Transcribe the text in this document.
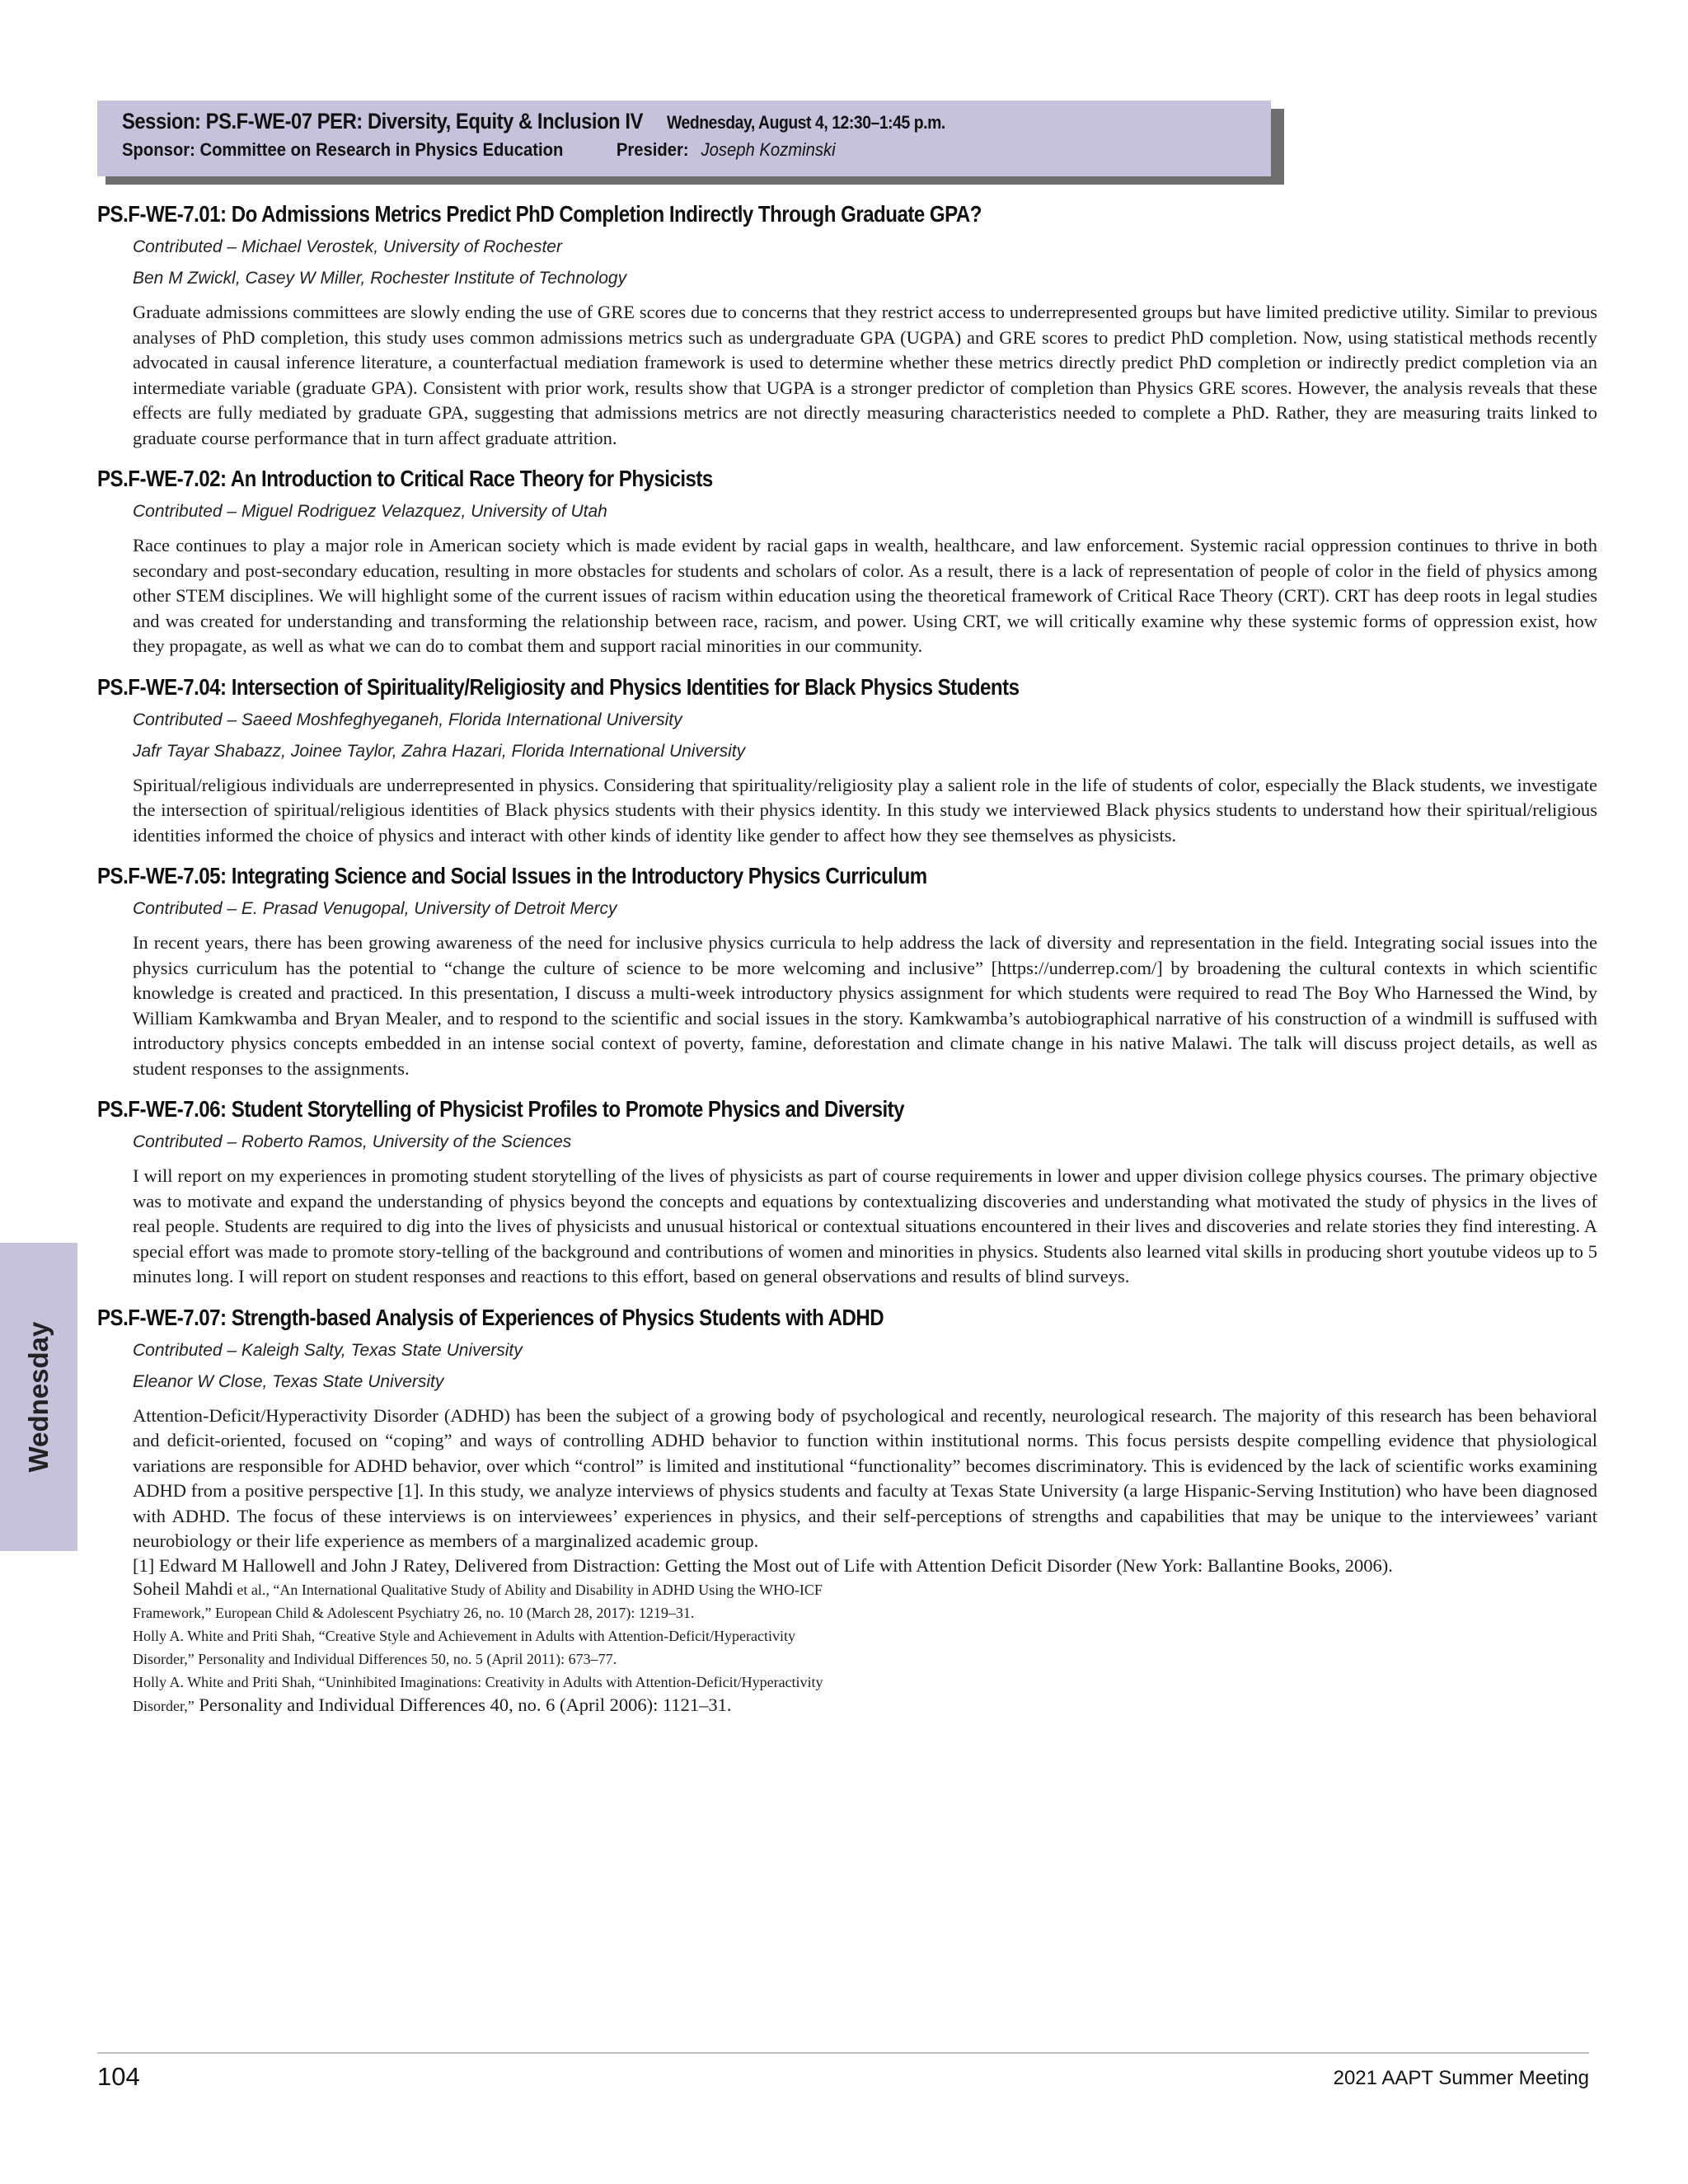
Session: PS.F-WE-07 PER: Diversity, Equity & Inclusion IV Wednesday, August 4, 12:30–1:45 p.m.
Sponsor: Committee on Research in Physics Education	Presider: Joseph Kozminski
PS.F-WE-7.01: Do Admissions Metrics Predict PhD Completion Indirectly Through Graduate GPA?
Contributed – Michael Verostek, University of Rochester
Ben M Zwickl, Casey W Miller, Rochester Institute of Technology
Graduate admissions committees are slowly ending the use of GRE scores due to concerns that they restrict access to underrepresented groups but have limited predictive utility. Similar to previous analyses of PhD completion, this study uses common admissions metrics such as undergraduate GPA (UGPA) and GRE scores to predict PhD completion. Now, using statistical methods recently advocated in causal inference literature, a counterfactual mediation framework is used to determine whether these metrics directly predict PhD completion or indirectly predict completion via an intermediate variable (graduate GPA). Consistent with prior work, results show that UGPA is a stronger predictor of completion than Physics GRE scores. However, the analysis reveals that these effects are fully mediated by graduate GPA, suggesting that admissions metrics are not directly measuring characteristics needed to complete a PhD. Rather, they are measuring traits linked to graduate course performance that in turn affect graduate attrition.
PS.F-WE-7.02: An Introduction to Critical Race Theory for Physicists
Contributed – Miguel Rodriguez Velazquez, University of Utah
Race continues to play a major role in American society which is made evident by racial gaps in wealth, healthcare, and law enforcement. Systemic racial oppression continues to thrive in both secondary and post-secondary education, resulting in more obstacles for students and scholars of color. As a result, there is a lack of representation of people of color in the field of physics among other STEM disciplines. We will highlight some of the current issues of racism within education using the theoretical framework of Critical Race Theory (CRT). CRT has deep roots in legal studies and was created for understanding and transforming the relationship between race, racism, and power. Using CRT, we will critically examine why these systemic forms of oppression exist, how they propagate, as well as what we can do to combat them and support racial minorities in our community.
PS.F-WE-7.04: Intersection of Spirituality/Religiosity and Physics Identities for Black Physics Students
Contributed – Saeed Moshfeghyeganeh, Florida International University
Jafr Tayar Shabazz, Joinee Taylor, Zahra Hazari, Florida International University
Spiritual/religious individuals are underrepresented in physics. Considering that spirituality/religiosity play a salient role in the life of students of color, especially the Black students, we investigate the intersection of spiritual/religious identities of Black physics students with their physics identity. In this study we interviewed Black physics students to understand how their spiritual/religious identities informed the choice of physics and interact with other kinds of identity like gender to affect how they see themselves as physicists.
PS.F-WE-7.05: Integrating Science and Social Issues in the Introductory Physics Curriculum
Contributed – E. Prasad Venugopal, University of Detroit Mercy
In recent years, there has been growing awareness of the need for inclusive physics curricula to help address the lack of diversity and representation in the field. Integrating social issues into the physics curriculum has the potential to “change the culture of science to be more welcoming and inclusive” [https://underrep.com/] by broadening the cultural contexts in which scientific knowledge is created and practiced. In this presentation, I discuss a multi-week introductory physics assignment for which students were required to read The Boy Who Harnessed the Wind, by William Kamkwamba and Bryan Mealer, and to respond to the scientific and social issues in the story. Kamkwamba’s autobiographical narrative of his construction of a windmill is suffused with introductory physics concepts embedded in an intense social context of poverty, famine, deforestation and climate change in his native Malawi. The talk will discuss project details, as well as student responses to the assignments.
PS.F-WE-7.06: Student Storytelling of Physicist Profiles to Promote Physics and Diversity
Contributed – Roberto Ramos, University of the Sciences
I will report on my experiences in promoting student storytelling of the lives of physicists as part of course requirements in lower and upper division college physics courses. The primary objective was to motivate and expand the understanding of physics beyond the concepts and equations by contextualizing discoveries and understanding what motivated the study of physics in the lives of real people. Students are required to dig into the lives of physicists and unusual historical or contextual situations encountered in their lives and discoveries and relate stories they find interesting. A special effort was made to promote story-telling of the background and contributions of women and minorities in physics. Students also learned vital skills in producing short youtube videos up to 5 minutes long. I will report on student responses and reactions to this effort, based on general observations and results of blind surveys.
PS.F-WE-7.07: Strength-based Analysis of Experiences of Physics Students with ADHD
Contributed – Kaleigh Salty, Texas State University
Eleanor W Close, Texas State University
Attention-Deficit/Hyperactivity Disorder (ADHD) has been the subject of a growing body of psychological and recently, neurological research. The majority of this research has been behavioral and deficit-oriented, focused on “coping” and ways of controlling ADHD behavior to function within institutional norms. This focus persists despite compelling evidence that physiological variations are responsible for ADHD behavior, over which “control” is limited and institutional “functionality” becomes discriminatory. This is evidenced by the lack of scientific works examining ADHD from a positive perspective [1]. In this study, we analyze interviews of physics students and faculty at Texas State University (a large Hispanic-Serving Institution) who have been diagnosed with ADHD. The focus of these interviews is on interviewees’ experiences in physics, and their self-perceptions of strengths and capabilities that may be unique to the interviewees’ variant neurobiology or their life experience as members of a marginalized academic group.
[1] Edward M Hallowell and John J Ratey, Delivered from Distraction: Getting the Most out of Life with Attention Deficit Disorder (New York: Ballantine Books, 2006).
Soheil Mahdi et al., “An International Qualitative Study of Ability and Disability in ADHD Using the WHO-ICF
Framework,” European Child & Adolescent Psychiatry 26, no. 10 (March 28, 2017): 1219–31.
Holly A. White and Priti Shah, “Creative Style and Achievement in Adults with Attention-Deficit/Hyperactivity
Disorder,” Personality and Individual Differences 50, no. 5 (April 2011): 673–77.
Holly A. White and Priti Shah, “Uninhibited Imaginations: Creativity in Adults with Attention-Deficit/Hyperactivity
Disorder,” Personality and Individual Differences 40, no. 6 (April 2006): 1121–31.
Wednesday
104	2021 AAPT Summer Meeting
